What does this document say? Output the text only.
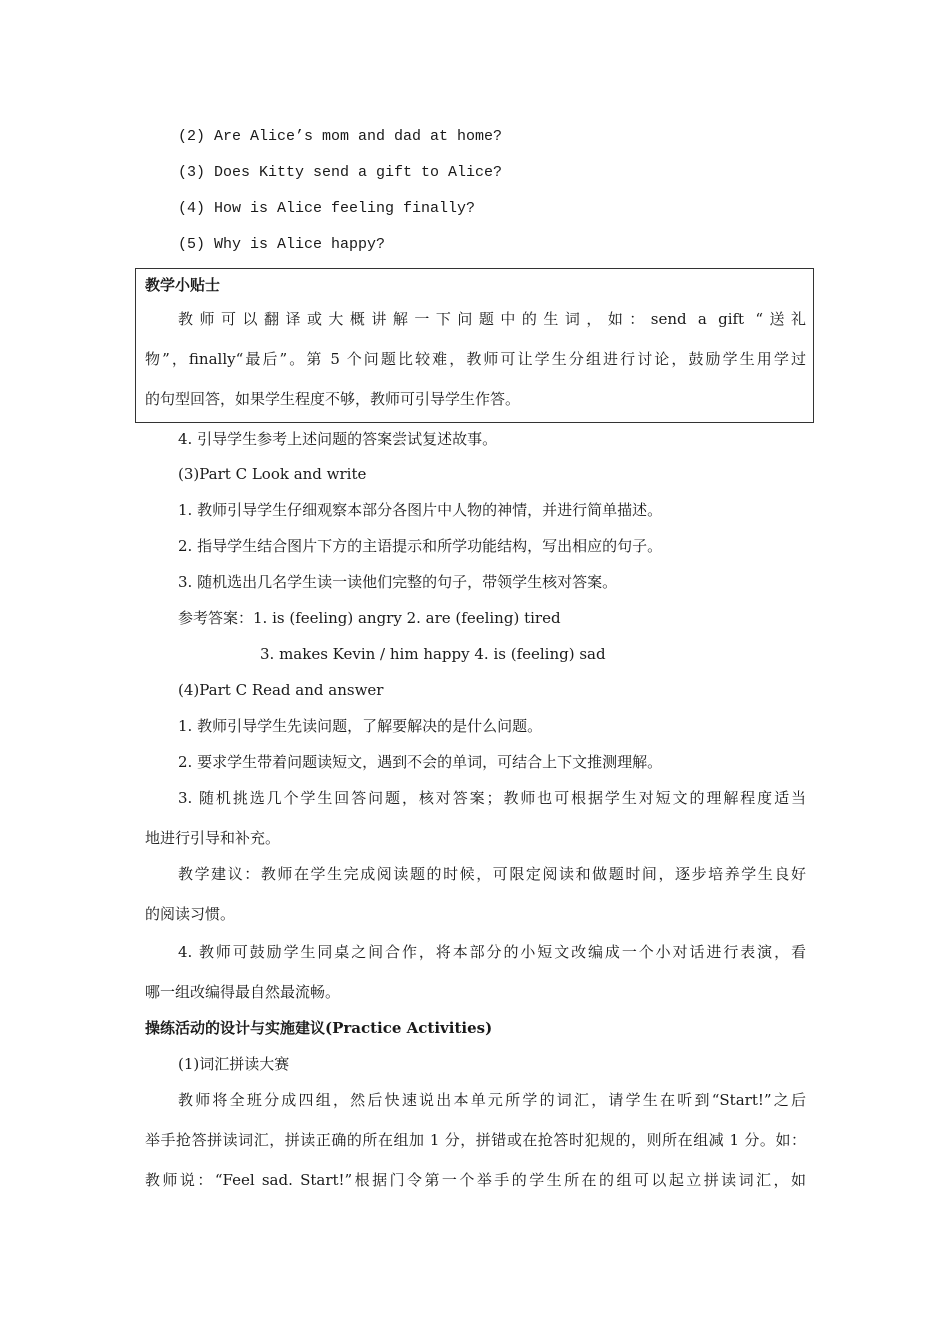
(2) Are Alice’s mom and dad at home?
(3) Does Kitty send a gift to Alice?
(4) How is Alice feeling finally?
(5) Why is Alice happy?
教学小贴士
教师可以翻译或大概讲解一下问题中的生词，如：send a gift “送礼
物”，finally“最后”。第 5 个问题比较难，教师可让学生分组进行讨论，鼓励学生用学过
的句型回答，如果学生程度不够，教师可引导学生作答。
4. 引导学生参考上述问题的答案尝试复述故事。
(3)Part C Look and write
1. 教师引导学生仔细观察本部分各图片中人物的神情，并进行简单描述。
2. 指导学生结合图片下方的主语提示和所学功能结构，写出相应的句子。
3. 随机选出几名学生读一读他们完整的句子，带领学生核对答案。
参考答案：1. is (feeling) angry 2. are (feeling) tired
3. makes Kevin / him happy 4. is (feeling) sad
(4)Part C Read and answer
1. 教师引导学生先读问题，了解要解决的是什么问题。
2. 要求学生带着问题读短文，遇到不会的单词，可结合上下文推测理解。
3. 随机挑选几个学生回答问题，核对答案；教师也可根据学生对短文的理解程度适当
地进行引导和补充。
教学建议：教师在学生完成阅读题的时候，可限定阅读和做题时间，逐步培养学生良好
的阅读习惯。
4. 教师可鼓励学生同桌之间合作，将本部分的小短文改编成一个小对话进行表演，看
哪一组改编得最自然最流畅。
操练活动的设计与实施建议(Practice Activities)
(1)词汇拼读大赛
教师将全班分成四组，然后快速说出本单元所学的词汇，请学生在听到“Start!”之后
举手抢答拼读词汇，拼读正确的所在组加 1 分，拼错或在抢答时犯规的，则所在组减 1 分。如：
教师说：“Feel sad. Start!”根据门令第一个举手的学生所在的组可以起立拼读词汇，如
